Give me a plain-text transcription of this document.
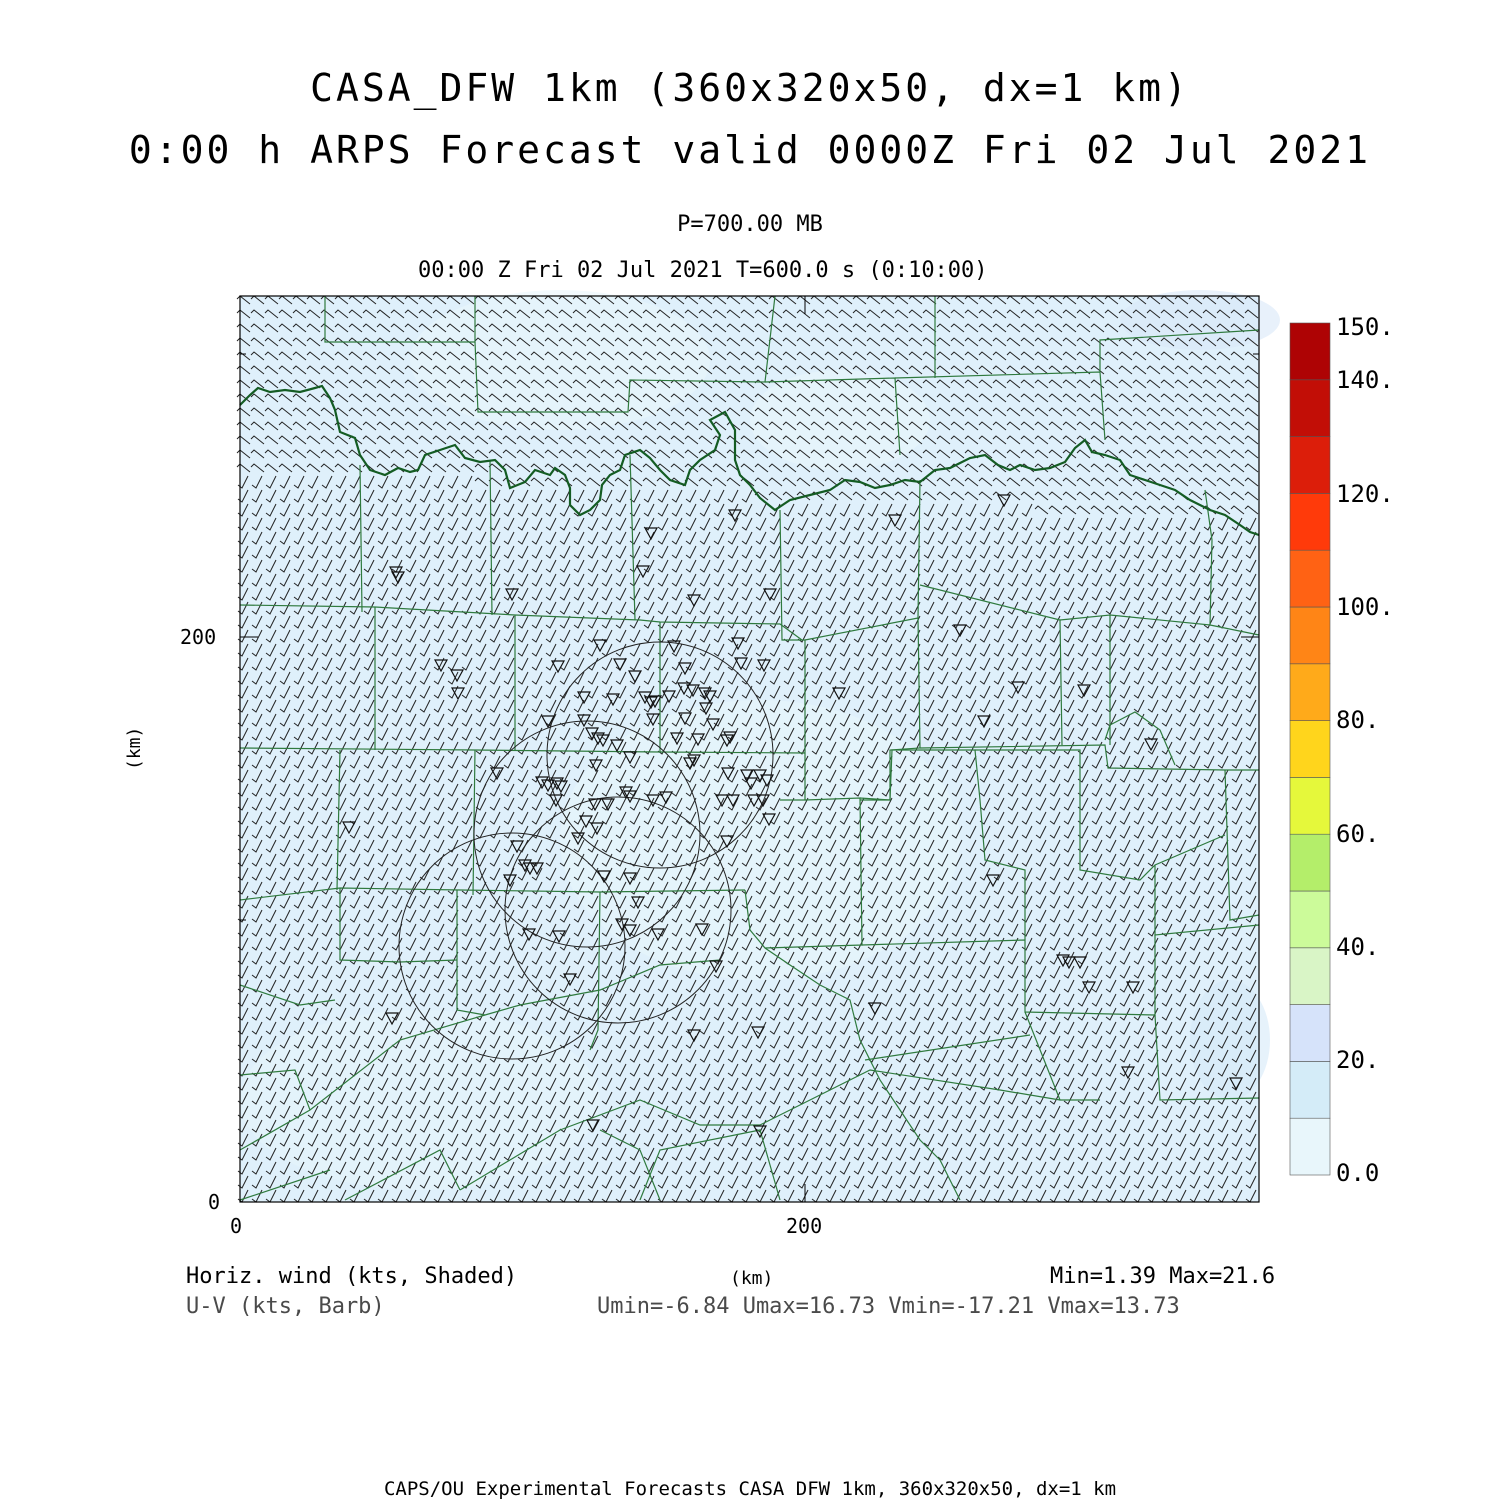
CASA_DFW 1km (360x320x50, dx=1 km)
0:00 h ARPS Forecast valid 0000Z Fri 02 Jul 2021
P=700.00 MB
00:00 Z Fri 02 Jul 2021 T=600.0 s (0:10:00)
0	200
0
200
(km)
150.
140.
120.
100.
80.
60.
40.
20.
0.0
Horiz. wind (kts, Shaded)
U-V (kts, Barb)
(km)	Min=1.39 Max=21.6
Umin=-6.84 Umax=16.73 Vmin=-17.21 Vmax=13.73
CAPS/OU Experimental Forecasts CASA DFW 1km, 360x320x50, dx=1 km
